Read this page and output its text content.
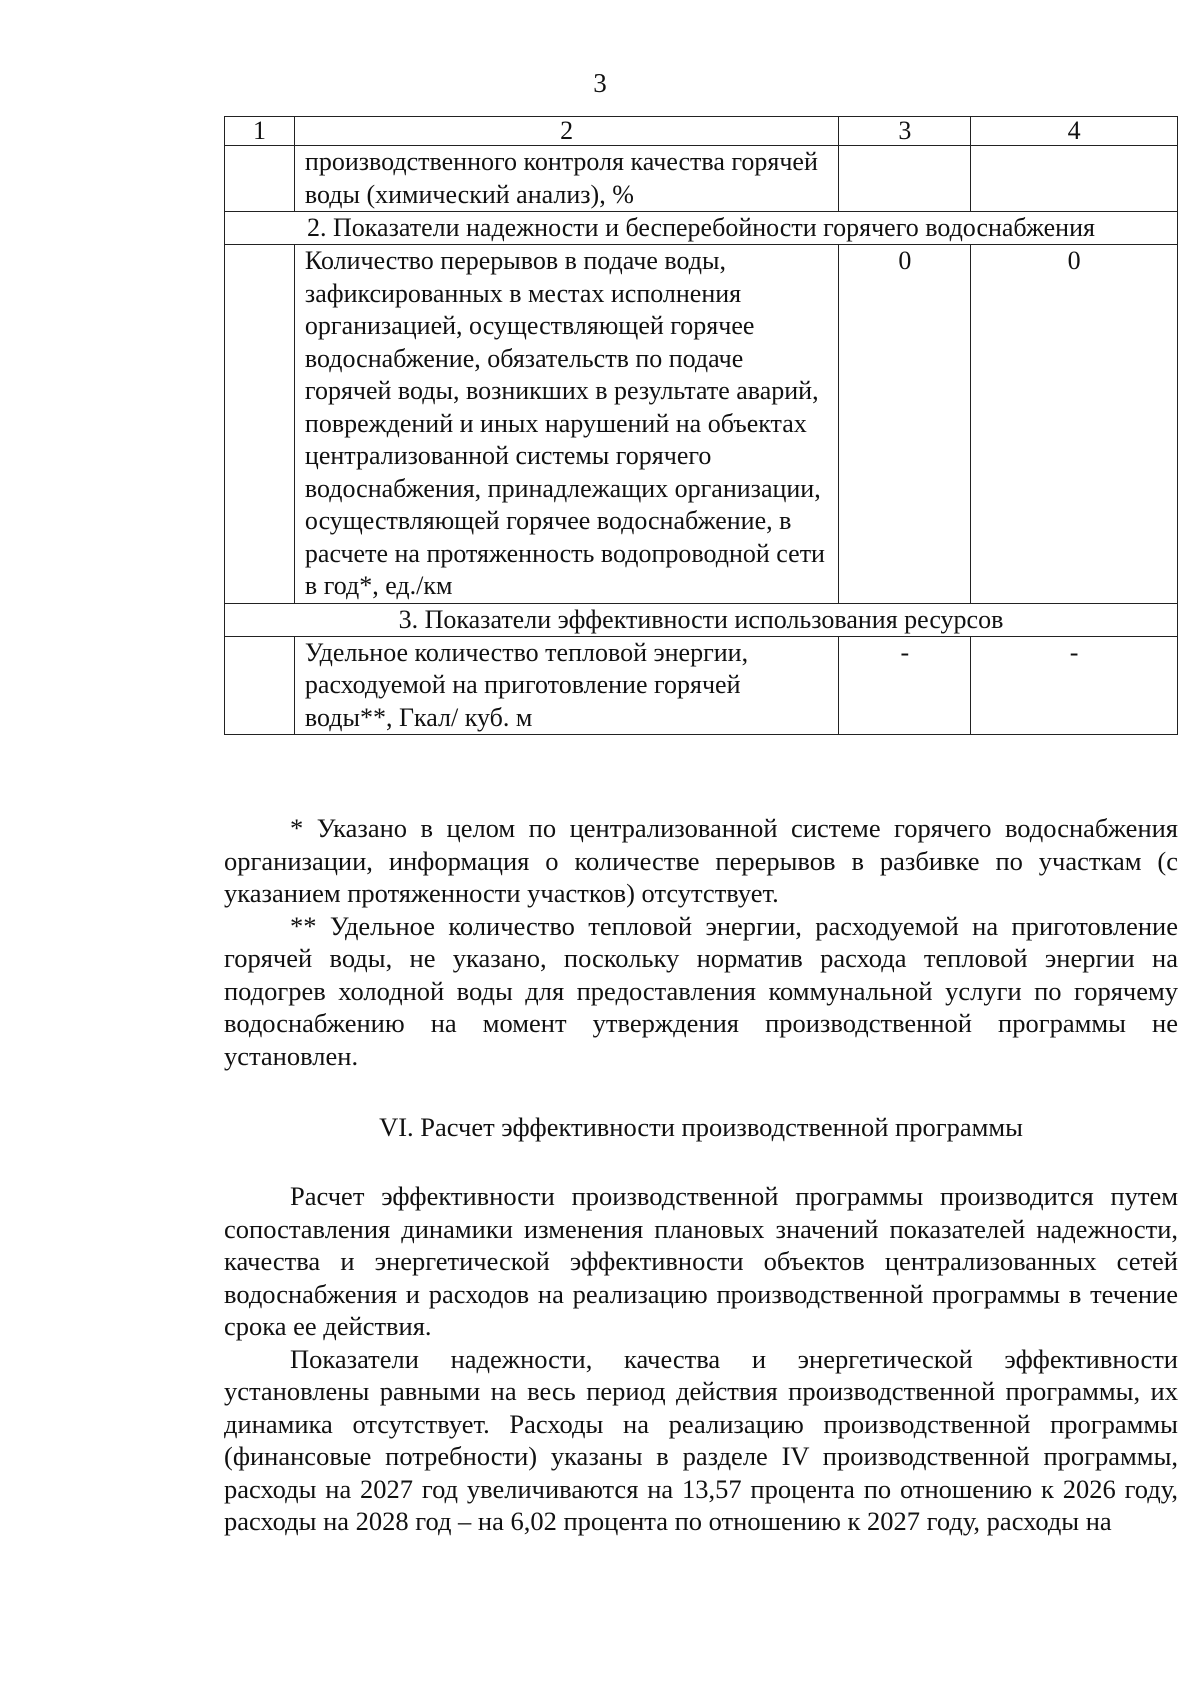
3
1	2	3	4
	производственного контроля качества горячей воды (химический анализ), %		
2. Показатели надежности и бесперебойности горячего водоснабжения			
	Количество перерывов в подаче воды, зафиксированных в местах исполнения организацией, осуществляющей горячее водоснабжение, обязательств по подаче горячей воды, возникших в результате аварий, повреждений и иных нарушений на объектах централизованной системы горячего водоснабжения, принадлежащих организации, осуществляющей горячее водоснабжение, в расчете на протяженность водопроводной сети в год*, ед./км	0	0
3. Показатели эффективности использования ресурсов			
	Удельное количество тепловой энергии, расходуемой на приготовление горячей воды**, Гкал/ куб. м	-	-

* Указано в целом по централизованной системе горячего водоснабжения организации, информация о количестве перерывов в разбивке по участкам (с указанием протяженности участков) отсутствует.

** Удельное количество тепловой энергии, расходуемой на приготовление горячей воды, не указано, поскольку норматив расхода тепловой энергии на подогрев холодной воды для предоставления коммунальной услуги по горячему водоснабжению на момент утверждения производственной программы не установлен.

VI. Расчет эффективности производственной программы

Расчет эффективности производственной программы производится путем сопоставления динамики изменения плановых значений показателей надежности, качества и энергетической эффективности объектов централизованных сетей водоснабжения и расходов на реализацию производственной программы в течение срока ее действия.

Показатели надежности, качества и энергетической эффективности установлены равными на весь период действия производственной программы, их динамика отсутствует. Расходы на реализацию производственной программы (финансовые потребности) указаны в разделе IV производственной программы, расходы на 2027 год увеличиваются на 13,57 процента по отношению к 2026 году, расходы на 2028 год – на 6,02 процента по отношению к 2027 году, расходы на
